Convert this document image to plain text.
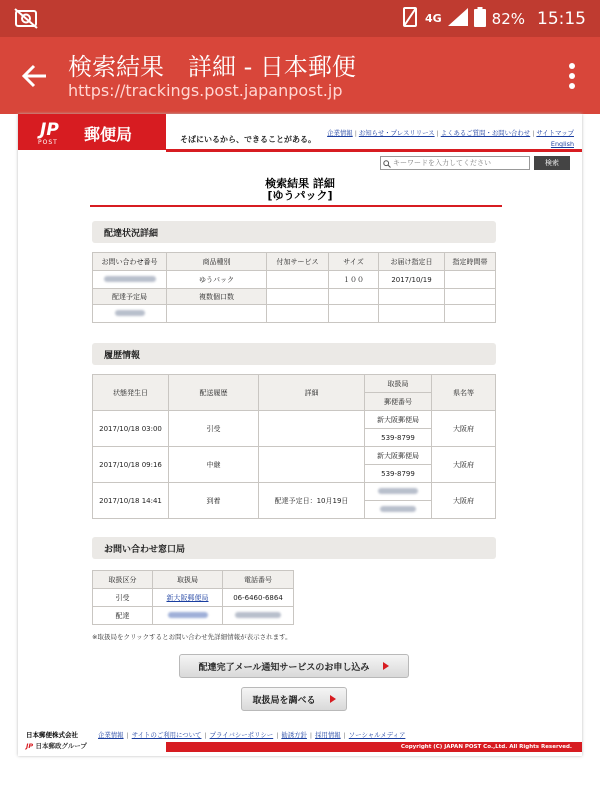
4G	82% 15:15
検索結果　詳細 - 日本郵便
https://trackings.post.japanpost.jp
JP
POST 郵便局	そばにいるから、できることがある。
企業情報 | お知らせ・プレスリリース | よくあるご質問・お問い合わせ | サイトマップ
English
キーワードを入力してください	検索
検索結果 詳細
[ゆうパック]
配達状況詳細
お問い合わせ番号	商品種別	付加サービス	サイズ	お届け指定日	指定時間帯
	ゆうパック		１００	2017/10/19	
配達予定局	複数個口数				

履歴情報
状態発生日	配送履歴	詳細	取扱局	県名等
			郵便番号	
2017/10/18 03:00	引受		新大阪郵便局	大阪府
			539-8799	
2017/10/18 09:16	中継		新大阪郵便局	大阪府
			539-8799	
2017/10/18 14:41	到着	配達予定日：10月19日		大阪府

お問い合わせ窓口局
取扱区分	取扱局	電話番号
引受	新大阪郵便局	06-6460-6864
配達		
※取扱局をクリックするとお問い合わせ先詳細情報が表示されます。
配達完了メール通知サービスのお申し込み
取扱局を調べる
日本郵便株式会社	企業情報 | サイトのご利用について | プライバシーポリシー | 勧誘方針 | 採用情報 | ソーシャルメディア
JP 日本郵政グループ	Copyright (C) JAPAN POST Co.,Ltd. All Rights Reserved.
